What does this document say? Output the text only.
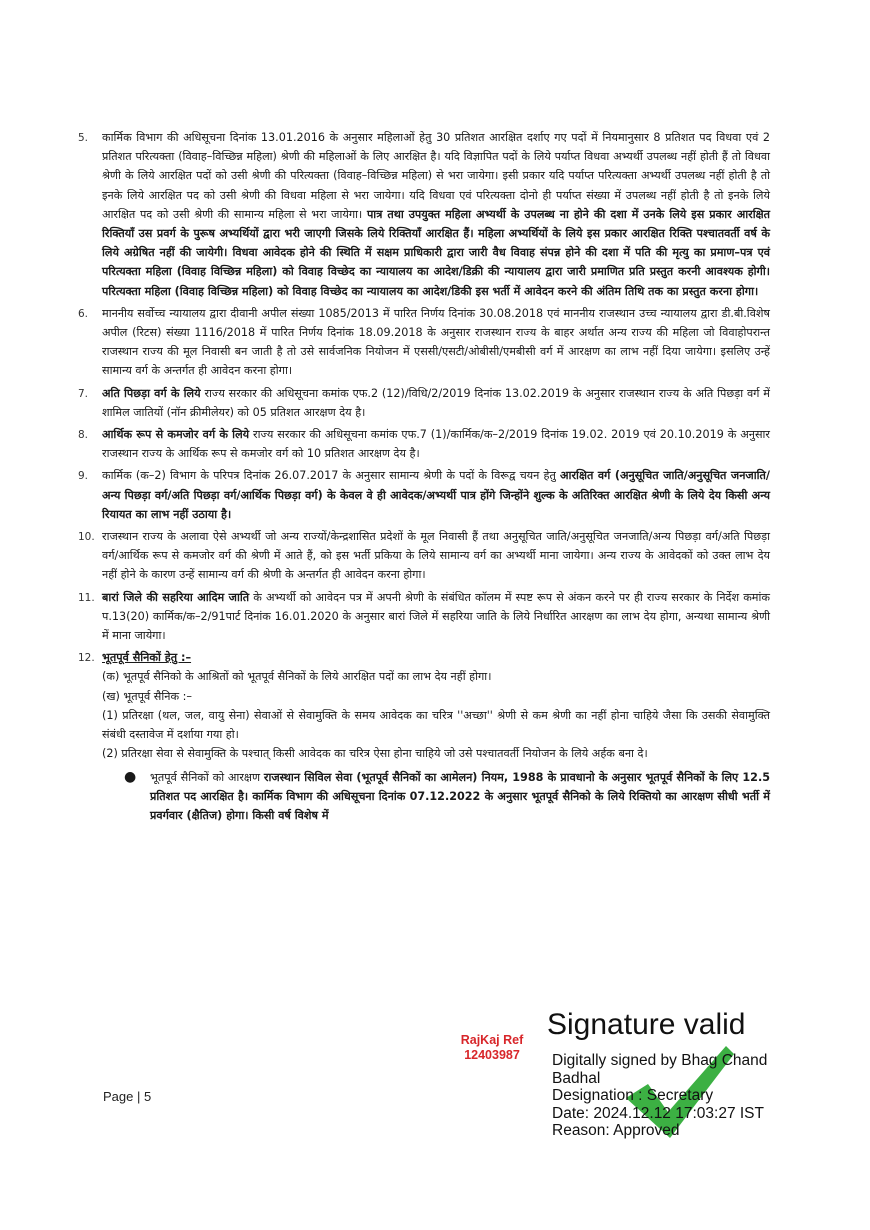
5.	कार्मिक विभाग की अधिसूचना दिनांक 13.01.2016 के अनुसार महिलाओं हेतु 30 प्रतिशत आरक्षित दर्शाए गए पदों में नियमानुसार 8 प्रतिशत पद विधवा एवं 2 प्रतिशत परित्यक्ता (विवाह–विच्छिन्न महिला) श्रेणी की महिलाओं के लिए आरक्षित है। यदि विज्ञापित पदों के लिये पर्याप्त विधवा अभ्यर्थी उपलब्ध नहीं होती हैं तो विधवा श्रेणी के लिये आरक्षित पदों को उसी श्रेणी की परित्यक्ता (विवाह–विच्छिन्न महिला) से भरा जायेगा। इसी प्रकार यदि पर्याप्त परित्यक्ता अभ्यर्थी उपलब्ध नहीं होती है तो इनके लिये आरक्षित पद को उसी श्रेणी की विधवा महिला से भरा जायेगा। यदि विधवा एवं परित्यक्ता दोनो ही पर्याप्त संख्या में उपलब्ध नहीं होती है तो इनके लिये आरक्षित पद को उसी श्रेणी की सामान्य महिला से भरा जायेगा। पात्र तथा उपयुक्त महिला अभ्यर्थी के उपलब्ध ना होने की दशा में उनके लिये इस प्रकार आरक्षित रिक्तियॉं उस प्रवर्ग के पुरूष अभ्यर्थियों द्वारा भरी जाएगी जिसके लिये रिक्तियॉं आरक्षित हैं। महिला अभ्यर्थियों के लिये इस प्रकार आरक्षित रिक्ति पश्चातवर्ती वर्ष के लिये अग्रेषित नहीं की जायेगी। विधवा आवेदक होने की स्थिति में सक्षम प्राधिकारी द्वारा जारी वैध विवाह संपन्न होने की दशा में पति की मृत्यु का प्रमाण–पत्र एवं परित्यक्ता महिला (विवाह विच्छिन्न महिला) को विवाह विच्छेद का न्यायालय का आदेश/डिक्री की न्यायालय द्वारा जारी प्रमाणित प्रति प्रस्तुत करनी आवश्यक होगी। परित्यक्ता महिला (विवाह विच्छिन्न महिला) को विवाह विच्छेद का न्यायालय का आदेश/डिकी इस भर्ती में आवेदन करने की अंतिम तिथि तक का प्रस्तुत करना होगा।
6.	माननीय सर्वोच्च न्यायालय द्वारा दीवानी अपील संख्या 1085/2013 में पारित निर्णय दिनांक 30.08.2018 एवं माननीय राजस्थान उच्च न्यायालय द्वारा डी.बी.विशेष अपील (रिटस) संख्या 1116/2018 में पारित निर्णय दिनांक 18.09.2018 के अनुसार राजस्थान राज्य के बाहर अर्थात अन्य राज्य की महिला जो विवाहोपरान्त राजस्थान राज्य की मूल निवासी बन जाती है तो उसे सार्वजनिक नियोजन में एससी/एसटी/ओबीसी/एमबीसी वर्ग में आरक्षण का लाभ नहीं दिया जायेगा। इसलिए उन्हें सामान्य वर्ग के अन्तर्गत ही आवेदन करना होगा।
7.	अति पिछड़ा वर्ग के लिये राज्य सरकार की अधिसूचना कमांक एफ.2 (12)/विधि/2/2019 दिनांक 13.02.2019 के अनुसार राजस्थान राज्य के अति पिछड़ा वर्ग में शामिल जातियों (नॉन क्रीमीलेयर) को 05 प्रतिशत आरक्षण देय है।
8.	आर्थिक रूप से कमजोर वर्ग के लिये राज्य सरकार की अधिसूचना कमांक एफ.7 (1)/कार्मिक/क–2/2019 दिनांक 19.02. 2019 एवं 20.10.2019 के अनुसार राजस्थान राज्य के आर्थिक रूप से कमजोर वर्ग को 10 प्रतिशत आरक्षण देय है।
9.	कार्मिक (क–2) विभाग के परिपत्र दिनांक 26.07.2017 के अनुसार सामान्य श्रेणी के पदों के विरूद्व चयन हेतु आरक्षित वर्ग (अनुसूचित जाति/अनुसूचित जनजाति/अन्य पिछड़ा वर्ग/अति पिछड़ा वर्ग/आर्थिक पिछड़ा वर्ग) के केवल वे ही आवेदक/अभ्यर्थी पात्र होंगे जिन्होंने शुल्क के अतिरिक्त आरक्षित श्रेणी के लिये देय किसी अन्य रियायत का लाभ नहीं उठाया है।
10. राजस्थान राज्य के अलावा ऐसे अभ्यर्थी जो अन्य राज्यों/केन्द्रशासित प्रदेशों के मूल निवासी हैं तथा अनुसूचित जाति/अनुसूचित जनजाति/अन्य पिछड़ा वर्ग/अति पिछड़ा वर्ग/आर्थिक रूप से कमजोर वर्ग की श्रेणी में आते हैं, को इस भर्ती प्रकिया के लिये सामान्य वर्ग का अभ्यर्थी माना जायेगा। अन्य राज्य के आवेदकों को उक्त लाभ देय नहीं होने के कारण उन्हें सामान्य वर्ग की श्रेणी के अन्तर्गत ही आवेदन करना होगा।
11. बारां जिले की सहरिया आदिम जाति के अभ्यर्थी को आवेदन पत्र में अपनी श्रेणी के संबंधित कॉलम में स्पष्ट रूप से अंकन करने पर ही राज्य सरकार के निर्देश कमांक प.13(20) कार्मिक/क–2/91पार्ट दिनांक 16.01.2020 के अनुसार बारां जिले में सहरिया जाति के लिये निर्धारित आरक्षण का लाभ देय होगा, अन्यथा सामान्य श्रेणी में माना जायेगा।
12. भूतपूर्व सैनिकों हेतु :–
(क) भूतपूर्व सैनिको के आश्रितों को भूतपूर्व सैनिकों के लिये आरक्षित पदों का लाभ देय नहीं होगा।
(ख) भूतपूर्व सैनिक :–
(1) प्रतिरक्षा (थल, जल, वायु सेना) सेवाओं से सेवामुक्ति के समय आवेदक का चरित्र ''अच्छा'' श्रेणी से कम श्रेणी का नहीं होना चाहिये जैसा कि उसकी सेवामुक्ति संबंधी दस्तावेज में दर्शाया गया हो।
(2) प्रतिरक्षा सेवा से सेवामुक्ति के पश्चात् किसी आवेदक का चरित्र ऐसा होना चाहिये जो उसे पश्चातवर्ती नियोजन के लिये अर्हक बना दे।
●	भूतपूर्व सैनिकों को आरक्षण राजस्थान सिविल सेवा (भूतपूर्व सैनिकों का आमेलन) नियम, 1988 के प्रावधानो के अनुसार भूतपूर्व सैनिकों के लिए 12.5 प्रतिशत पद आरक्षित है। कार्मिक विभाग की अधिसूचना दिनांक 07.12.2022 के अनुसार भूतपूर्व सैनिको के लिये रिक्तियो का आरक्षण सीधी भर्ती में प्रवर्गवार (क्षैतिज) होगा। किसी वर्ष विशेष में
RajKaj Ref
12403987
Page | 5
Signature valid
Digitally signed by Bhag Chand
Badhal
Designation : Secretary
Date: 2024.12.12 17:03:27 IST
Reason: Approved
